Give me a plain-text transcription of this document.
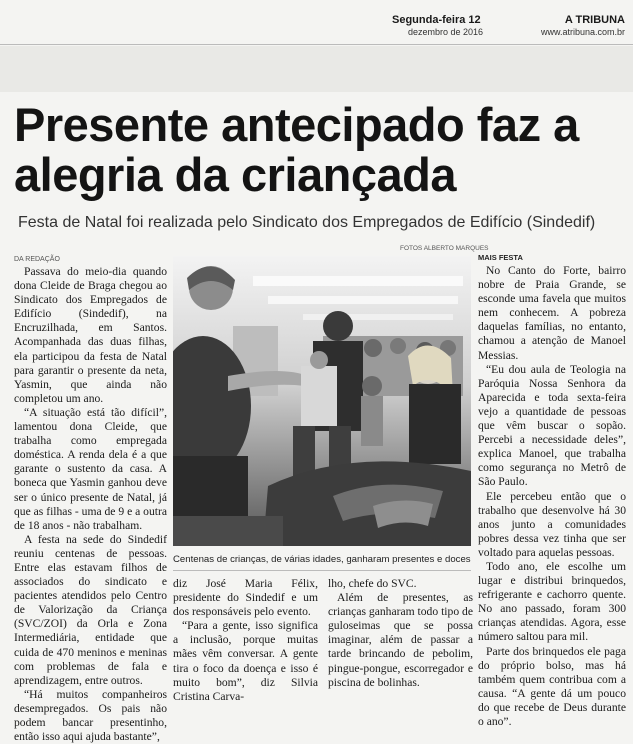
Segunda-feira 12
dezembro de 2016
A TRIBUNA
www.atribuna.com.br
Presente antecipado faz a alegria da criançada
Festa de Natal foi realizada pelo Sindicato dos Empregados de Edifício (Sindedif)
DA REDAÇÃO
FOTOS ALBERTO MARQUES

Passava do meio-dia quando dona Cleide de Braga chegou ao Sindicato dos Empregados de Edifício (Sindedif), na Encruzilhada, em Santos. Acompanhada das duas filhas, ela participou da festa de Natal para garantir o presente da neta, Yasmin, que ainda não completou um ano.

“A situação está tão difícil”, lamentou dona Cleide, que trabalha como empregada doméstica. A renda dela é a que garante o sustento da casa. A boneca que Yasmin ganhou deve ser o único presente de Natal, já que as filhas - uma de 9 e a outra de 18 anos - não trabalham.

A festa na sede do Sindedif reuniu centenas de pessoas. Entre elas estavam filhos de associados do sindicato e pacientes atendidos pelo Centro de Valorização da Criança (SVC/ZOI) da Orla e Zona Intermediária, entidade que cuida de 470 meninos e meninas com problemas de fala e aprendizagem, entre outros.

“Há muitos companheiros desempregados. Os pais não podem bancar presentinho, então isso aqui ajuda bastante”,

Centenas de crianças, de várias idades, ganharam presentes e doces

diz José Maria Félix, presidente do Sindedif e um dos responsáveis pelo evento.

“Para a gente, isso significa a inclusão, porque muitas mães vêm conversar. A gente tira o foco da doença e isso é muito bom”, diz Silvia Cristina Carva-

lho, chefe do SVC.

Além de presentes, as crianças ganharam todo tipo de guloseimas que se possa imaginar, além de passar a tarde brincando de pebolim, pingue-pongue, escorregador e piscina de bolinhas.

MAIS FESTA

No Canto do Forte, bairro nobre de Praia Grande, se esconde uma favela que muitos nem conhecem. A pobreza daquelas famílias, no entanto, chamou a atenção de Manoel Messias.

“Eu dou aula de Teologia na Paróquia Nossa Senhora da Aparecida e toda sexta-feira vejo a quantidade de pessoas que vêm buscar o sopão. Percebi a necessidade deles”, explica Manoel, que trabalha como segurança no Metrô de São Paulo.

Ele percebeu então que o trabalho que desenvolve há 30 anos junto a comunidades pobres dessa vez tinha que ser voltado para aquelas pessoas.

Todo ano, ele escolhe um lugar e distribui brinquedos, refrigerante e cachorro quente. No ano passado, foram 300 crianças atendidas. Agora, esse número saltou para mil.

Parte dos brinquedos ele paga do próprio bolso, mas há também quem contribua com a causa. “A gente dá um pouco do que recebe de Deus durante o ano”.
